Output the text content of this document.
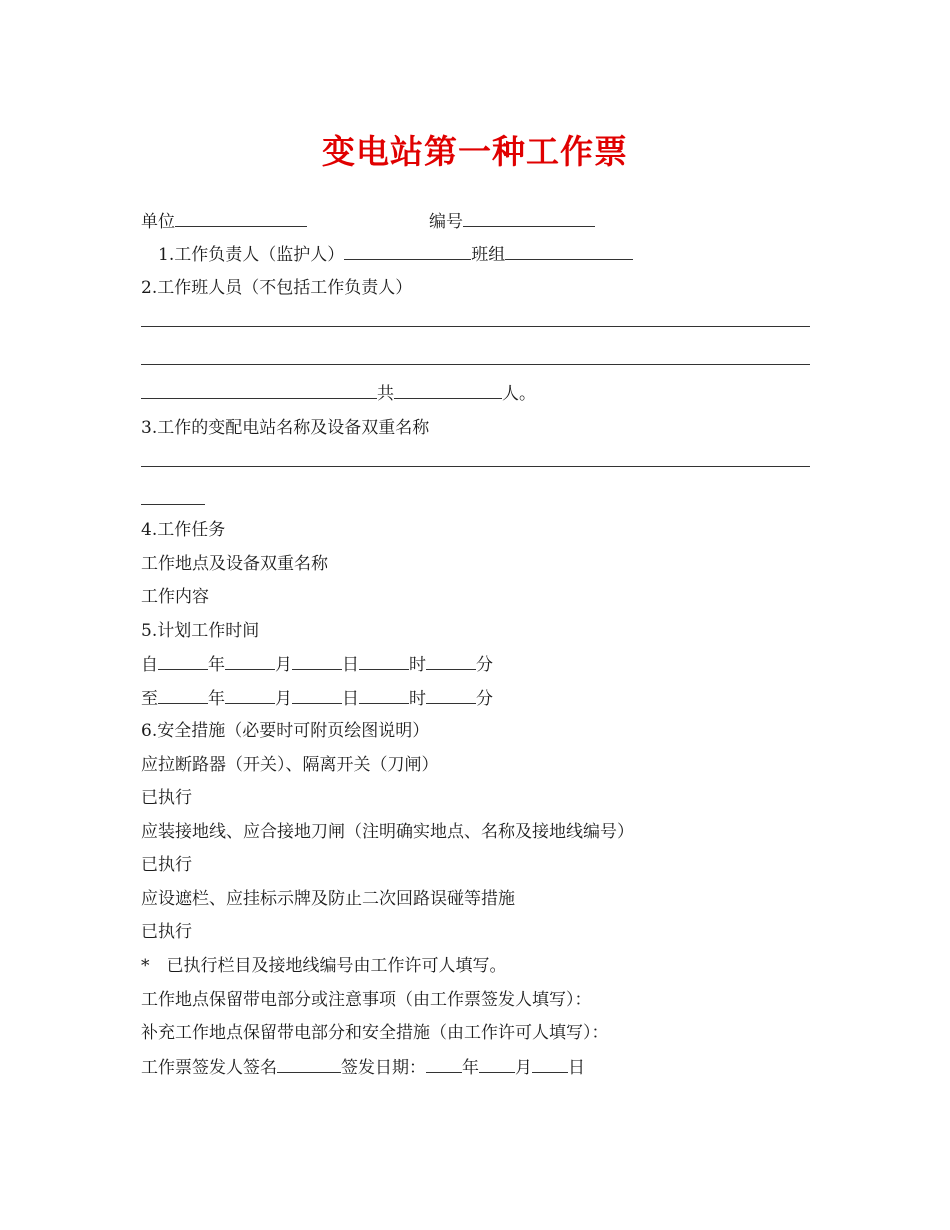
变电站第一种工作票
单位	编号
1.工作负责人（监护人）	班组
2.工作班人员（不包括工作负责人）
共	人。
3.工作的变配电站名称及设备双重名称
4.工作任务
工作地点及设备双重名称
工作内容
5.计划工作时间
自	年	月	日	时	分
至	年	月	日	时	分
6.安全措施（必要时可附页绘图说明）
应拉断路器（开关）、隔离开关（刀闸）
已执行
应装接地线、应合接地刀闸（注明确实地点、名称及接地线编号）
已执行
应设遮栏、应挂标示牌及防止二次回路误碰等措施
已执行
*　已执行栏目及接地线编号由工作许可人填写。
工作地点保留带电部分或注意事项（由工作票签发人填写）：
补充工作地点保留带电部分和安全措施（由工作许可人填写）：
工作票签发人签名	签发日期： 年 月 日
